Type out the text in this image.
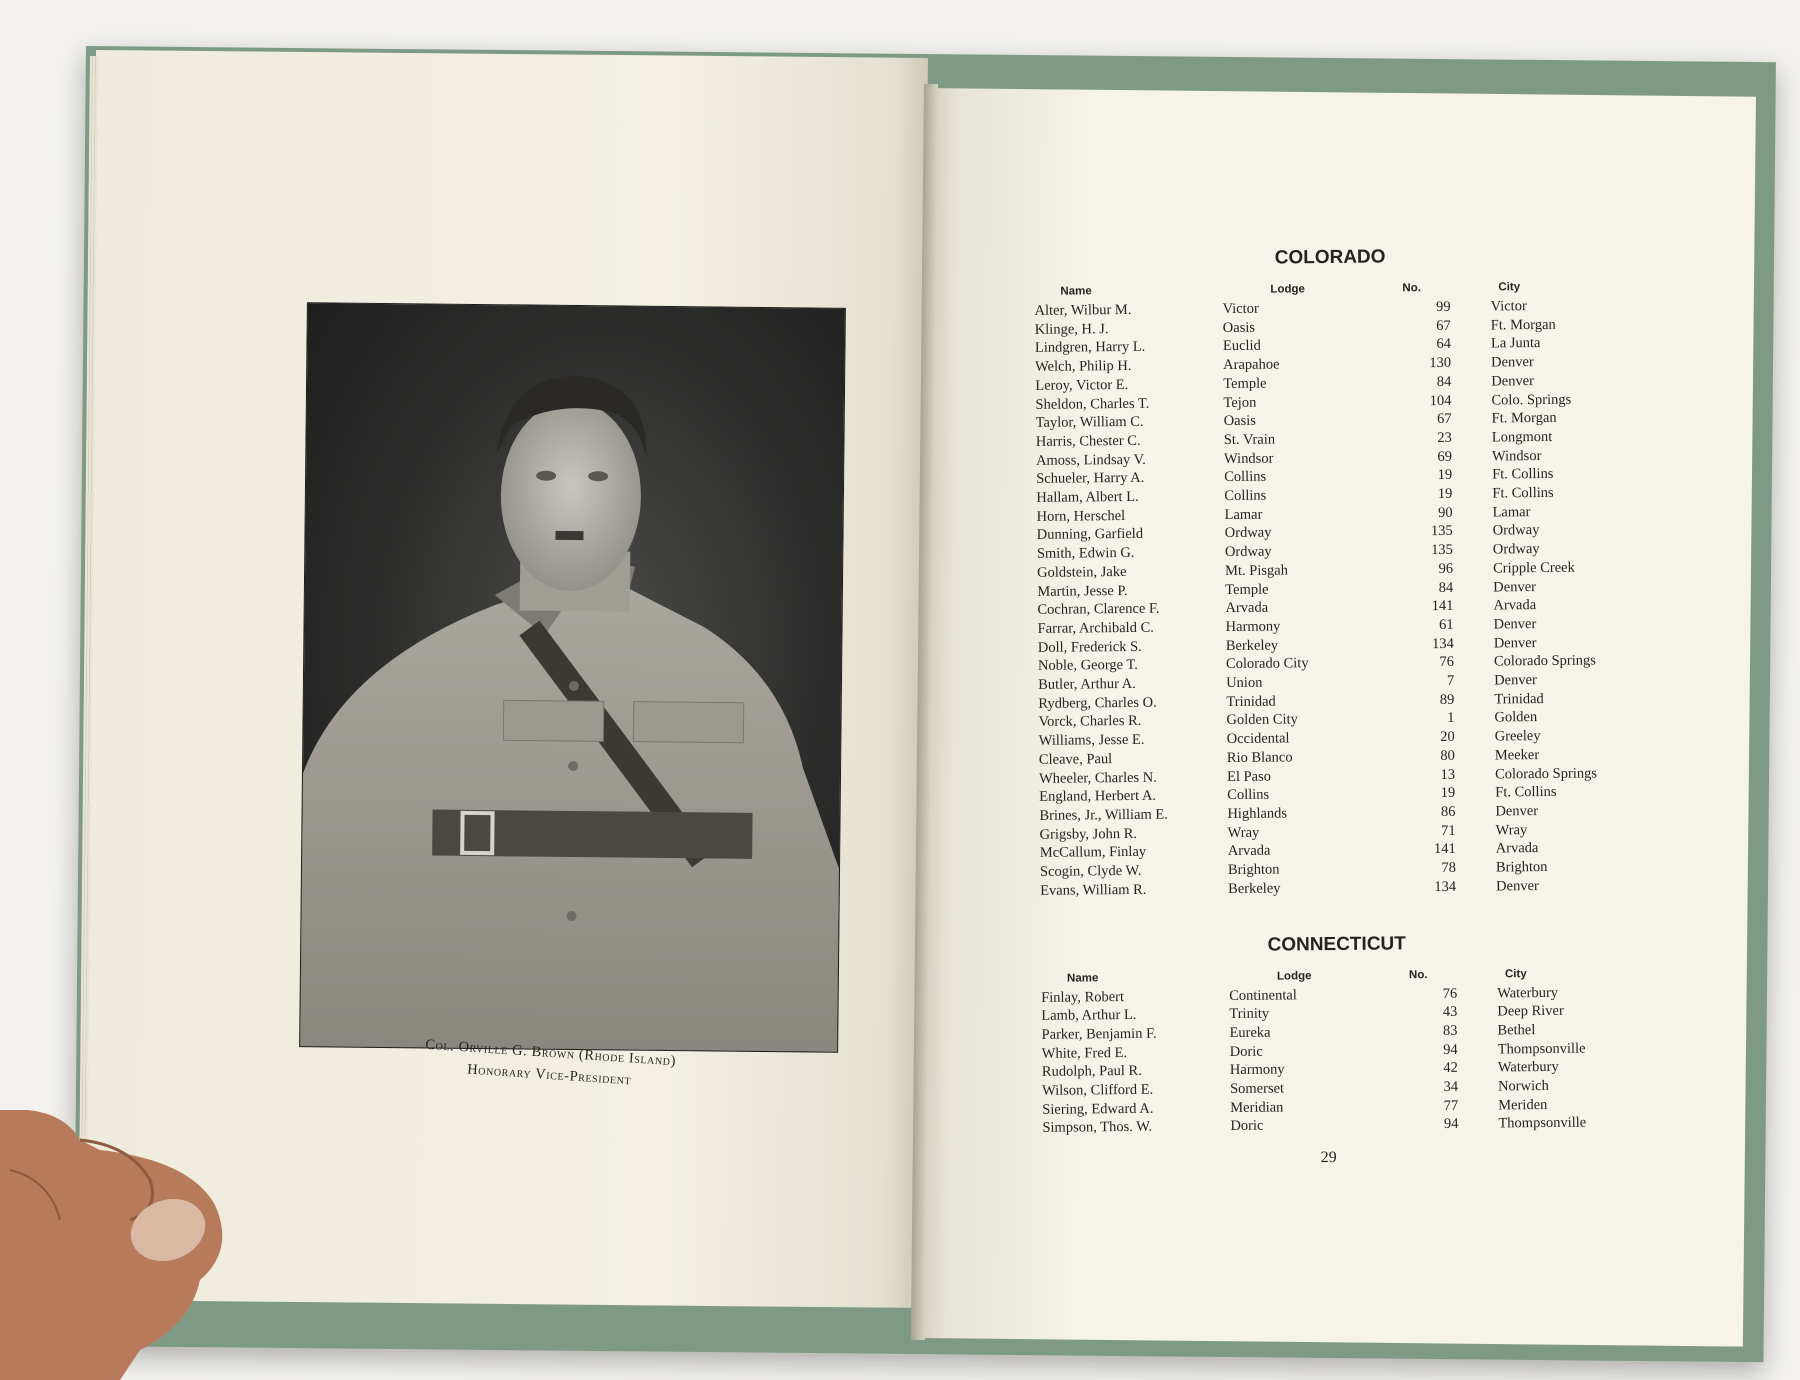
Col. Orville G. Brown (Rhode Island)
Honorary Vice-President
COLORADO
Name	Lodge	No.	City
Alter, Wilbur M.	Victor	99	Victor
Klinge, H. J.	Oasis	67	Ft. Morgan
Lindgren, Harry L.	Euclid	64	La Junta
Welch, Philip H.	Arapahoe	130	Denver
Leroy, Victor E.	Temple	84	Denver
Sheldon, Charles T.	Tejon	104	Colo. Springs
Taylor, William C.	Oasis	67	Ft. Morgan
Harris, Chester C.	St. Vrain	23	Longmont
Amoss, Lindsay V.	Windsor	69	Windsor
Schueler, Harry A.	Collins	19	Ft. Collins
Hallam, Albert L.	Collins	19	Ft. Collins
Horn, Herschel	Lamar	90	Lamar
Dunning, Garfield	Ordway	135	Ordway
Smith, Edwin G.	Ordway	135	Ordway
Goldstein, Jake	Mt. Pisgah	96	Cripple Creek
Martin, Jesse P.	Temple	84	Denver
Cochran, Clarence F.	Arvada	141	Arvada
Farrar, Archibald C.	Harmony	61	Denver
Doll, Frederick S.	Berkeley	134	Denver
Noble, George T.	Colorado City	76	Colorado Springs
Butler, Arthur A.	Union	7	Denver
Rydberg, Charles O.	Trinidad	89	Trinidad
Vorck, Charles R.	Golden City	1	Golden
Williams, Jesse E.	Occidental	20	Greeley
Cleave, Paul	Rio Blanco	80	Meeker
Wheeler, Charles N.	El Paso	13	Colorado Springs
England, Herbert A.	Collins	19	Ft. Collins
Brines, Jr., William E.	Highlands	86	Denver
Grigsby, John R.	Wray	71	Wray
McCallum, Finlay	Arvada	141	Arvada
Scogin, Clyde W.	Brighton	78	Brighton
Evans, William R.	Berkeley	134	Denver
CONNECTICUT
Name	Lodge	No.	City
Finlay, Robert	Continental	76	Waterbury
Lamb, Arthur L.	Trinity	43	Deep River
Parker, Benjamin F.	Eureka	83	Bethel
White, Fred E.	Doric	94	Thompsonville
Rudolph, Paul R.	Harmony	42	Waterbury
Wilson, Clifford E.	Somerset	34	Norwich
Siering, Edward A.	Meridian	77	Meriden
Simpson, Thos. W.	Doric	94	Thompsonville
29
